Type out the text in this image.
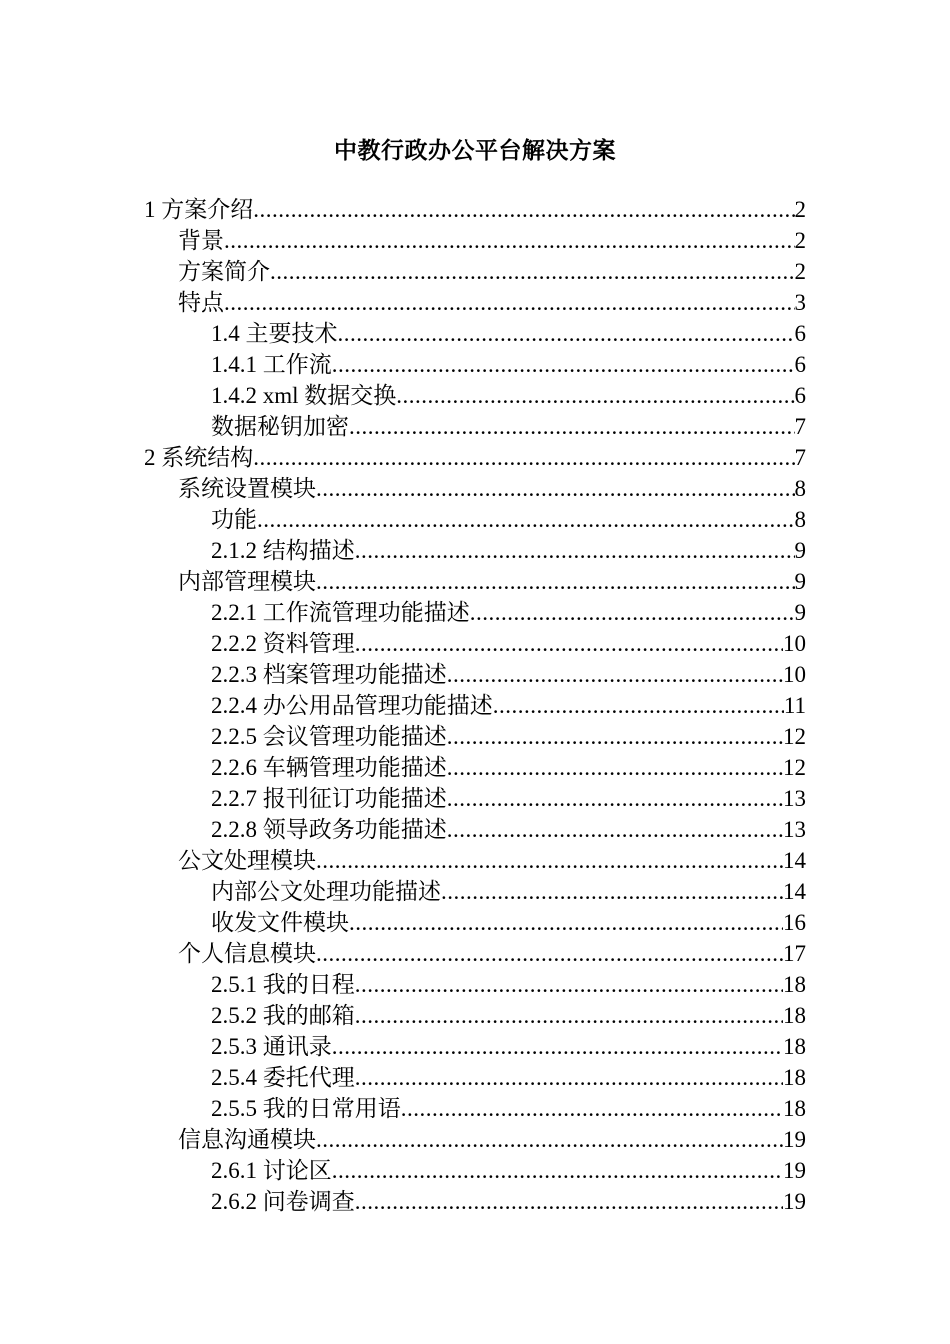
中教行政办公平台解决方案
1 方案介绍 .....	2
背景 .....	2
方案简介 .....	2
特点 .....	3
1.4 主要技术 .....	6
1.4.1 工作流 .....	6
1.4.2 xml 数据交换 .....	6
数据秘钥加密 .....	7
2 系统结构 .....	7
系统设置模块 .....	8
功能 .....	8
2.1.2 结构描述 .....	9
内部管理模块 .....	9
2.2.1 工作流管理功能描述 .....	9
2.2.2 资料管理 .....	10
2.2.3 档案管理功能描述 .....	10
2.2.4 办公用品管理功能描述 .....	11
2.2.5 会议管理功能描述 .....	12
2.2.6 车辆管理功能描述 .....	12
2.2.7 报刊征订功能描述 .....	13
2.2.8 领导政务功能描述 .....	13
公文处理模块 .....	14
内部公文处理功能描述 .....	14
收发文件模块 .....	16
个人信息模块 .....	17
2.5.1 我的日程 .....	18
2.5.2 我的邮箱 .....	18
2.5.3 通讯录 .....	18
2.5.4 委托代理 .....	18
2.5.5 我的日常用语 .....	18
信息沟通模块 .....	19
2.6.1 讨论区 .....	19
2.6.2 问卷调查 .....	19
